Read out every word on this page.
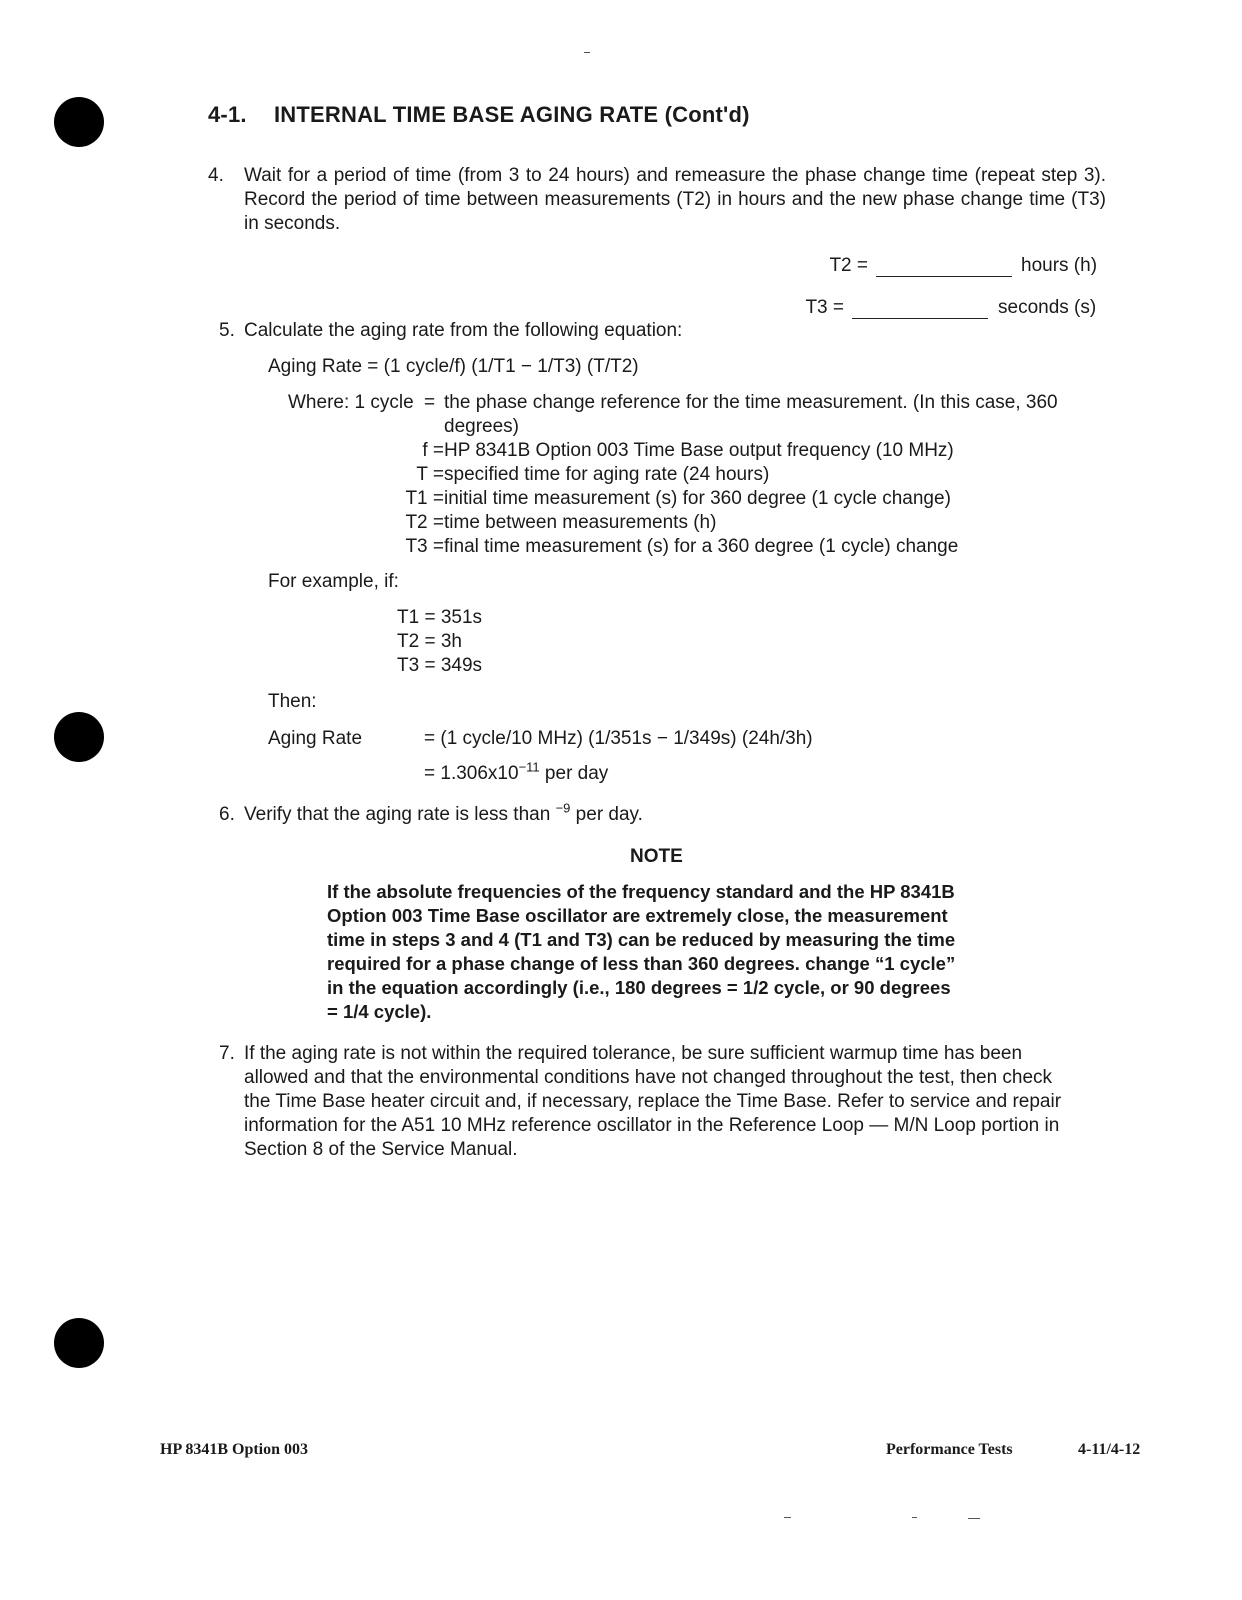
4-1. INTERNAL TIME BASE AGING RATE (Cont'd)
4. Wait for a period of time (from 3 to 24 hours) and remeasure the phase change time (repeat step 3). Record the period of time between measurements (T2) in hours and the new phase change time (T3) in seconds.
T2 =	hours (h)
T3 =	seconds (s)
5. Calculate the aging rate from the following equation:
Aging Rate = (1 cycle/f) (1/T1 − 1/T3) (T/T2)
Where: 1 cycle = the phase change reference for the time measurement. (In this case, 360
degrees)
f = HP 8341B Option 003 Time Base output frequency (10 MHz)
T = specified time for aging rate (24 hours)
T1 = initial time measurement (s) for 360 degree (1 cycle change)
T2 = time between measurements (h)
T3 = final time measurement (s) for a 360 degree (1 cycle) change
For example, if:
T1 = 351s
T2 = 3h
T3 = 349s
Then:
Aging Rate	= (1 cycle/10 MHz) (1/351s − 1/349s) (24h/3h)
= $1.306x10^{-11}$ per day
6. Verify that the aging rate is less than $^{-9}$ per day.
NOTE
If the absolute frequencies of the frequency standard and the HP 8341B
Option 003 Time Base oscillator are extremely close, the measurement
time in steps 3 and 4 (T1 and T3) can be reduced by measuring the time
required for a phase change of less than 360 degrees. change “1 cycle”
in the equation accordingly (i.e., 180 degrees = 1/2 cycle, or 90 degrees
= 1/4 cycle).
7. If the aging rate is not within the required tolerance, be sure sufficient warmup time has been
allowed and that the environmental conditions have not changed throughout the test, then check
the Time Base heater circuit and, if necessary, replace the Time Base. Refer to service and repair
information for the A51 10 MHz reference oscillator in the Reference Loop — M/N Loop portion in
Section 8 of the Service Manual.
HP 8341B Option 003	Performance Tests	4-11/4-12
